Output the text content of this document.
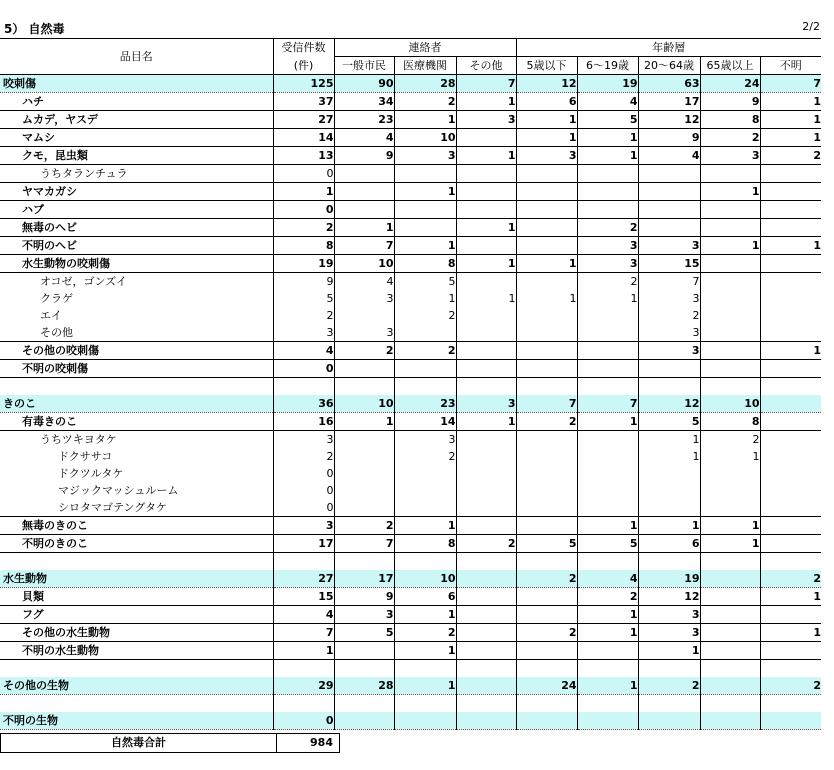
5） 自然毒	2/2
品目名	受信件数	連絡者			年齢層				
	(件)	一般市民	医療機関	その他	5歳以下	6～19歳	20～64歳	65歳以上	不明
咬刺傷	125	90	28	7	12	19	63	24	7
ハチ	37	34	2	1	6	4	17	9	1
ムカデ，ヤスデ	27	23	1	3	1	5	12	8	1
マムシ	14	4	10		1	1	9	2	1
クモ，昆虫類	13	9	3	1	3	1	4	3	2
うちタランチュラ	0								
ヤマカガシ	1		1					1	
ハブ	0								
無毒のヘビ	2	1		1		2			
不明のヘビ	8	7	1			3	3	1	1
水生動物の咬刺傷	19	10	8	1	1	3	15		
オコゼ，ゴンズイ	9	4	5			2	7		
クラゲ	5	3	1	1	1	1	3		
エイ	2		2				2		
その他	3	3					3		
その他の咬刺傷	4	2	2				3		1
不明の咬刺傷	0								

きのこ	36	10	23	3	7	7	12	10	
有毒きのこ	16	1	14	1	2	1	5	8	
うちツキヨタケ	3		3				1	2	
ドクササコ	2		2				1	1	
ドクツルタケ	0								
マジックマッシュルーム	0								
シロタマゴテングタケ	0								
無毒のきのこ	3	2	1			1	1	1	
不明のきのこ	17	7	8	2	5	5	6	1	

水生動物	27	17	10		2	4	19		2
貝類	15	9	6			2	12		1
フグ	4	3	1			1	3		
その他の水生動物	7	5	2		2	1	3		1
不明の水生動物	1		1				1		

その他の生物	29	28	1		24	1	2		2

不明の生物	0								
自然毒合計	984
